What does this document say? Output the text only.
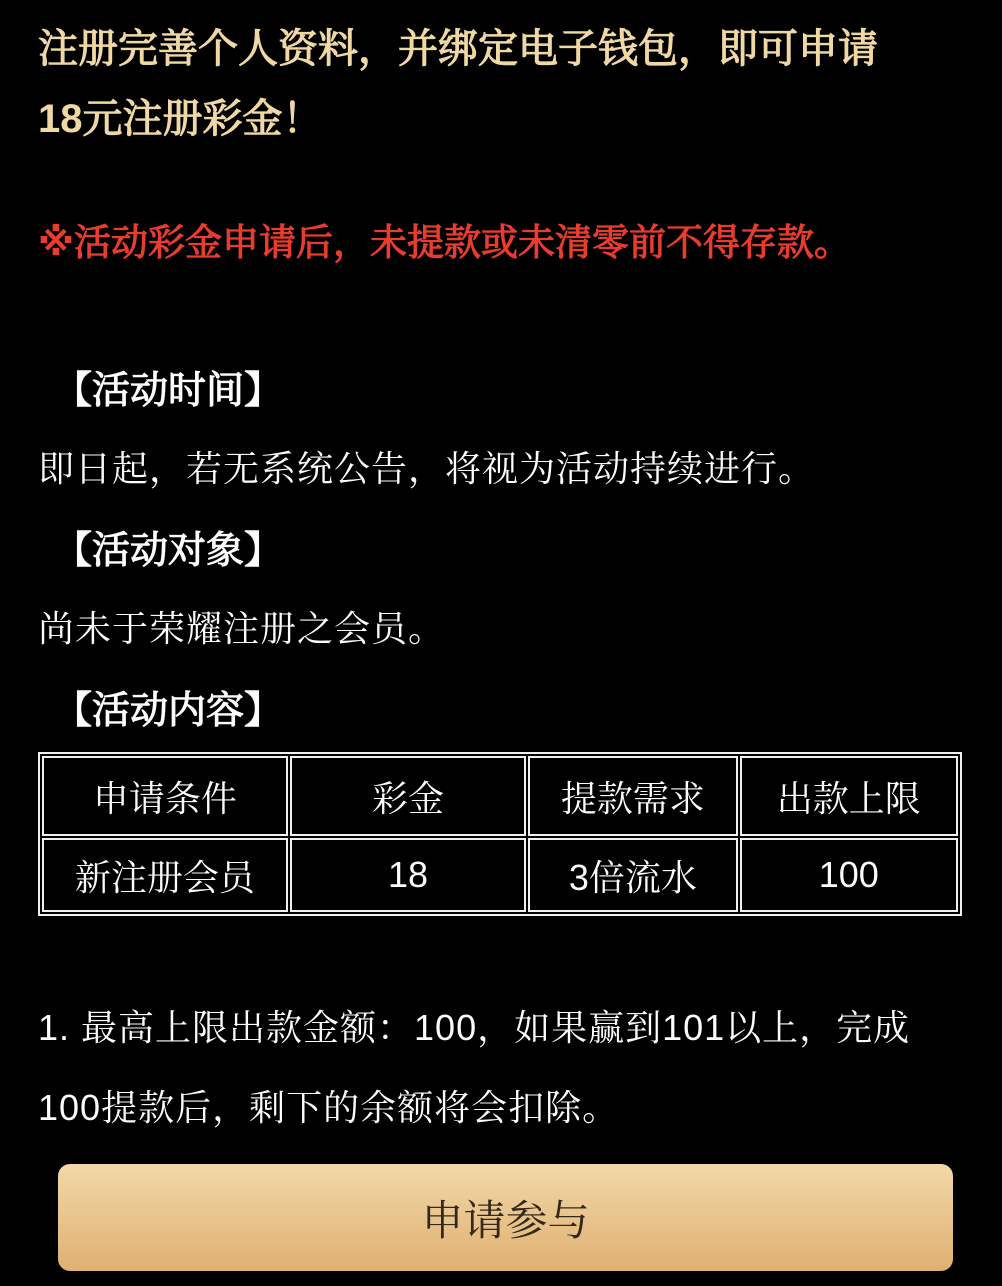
注册完善个人资料，并绑定电子钱包，即可申请
18元注册彩金！

※活动彩金申请后，未提款或未清零前不得存款。

【活动时间】

即日起，若无系统公告，将视为活动持续进行。

【活动对象】

尚未于荣耀注册之会员。

【活动内容】
申请条件	彩金	提款需求	出款上限
新注册会员	18	3倍流水	100

1. 最高上限出款金额：100，如果赢到101以上，完成
100提款后，剩下的余额将会扣除。

申请参与
